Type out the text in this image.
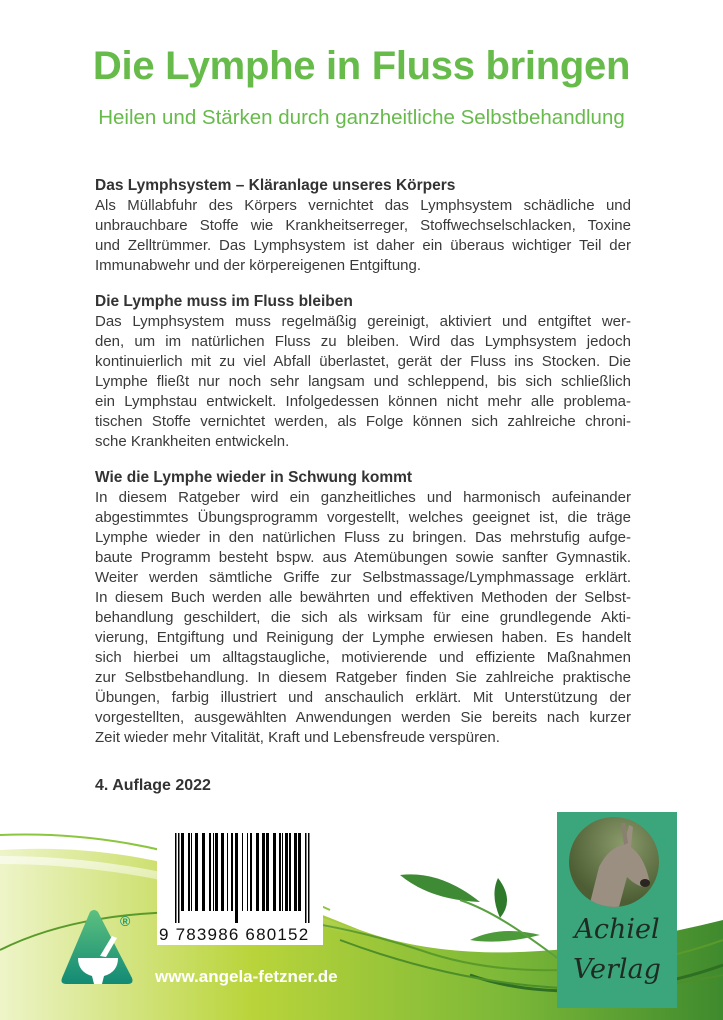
Die Lymphe in Fluss bringen
Heilen und Stärken durch ganzheitliche Selbstbehandlung
Das Lymphsystem – Kläranlage unseres Körpers
Als Müllabfuhr des Körpers vernichtet das Lymphsystem schädliche und
unbrauchbare Stoffe wie Krankheitserreger, Stoffwechselschlacken, Toxine
und Zelltrümmer. Das Lymphsystem ist daher ein überaus wichtiger Teil der
Immunabwehr und der körpereigenen Entgiftung.
Die Lymphe muss im Fluss bleiben
Das Lymphsystem muss regelmäßig gereinigt, aktiviert und entgiftet wer-
den, um im natürlichen Fluss zu bleiben. Wird das Lymphsystem jedoch
kontinuierlich mit zu viel Abfall überlastet, gerät der Fluss ins Stocken. Die
Lymphe fließt nur noch sehr langsam und schleppend, bis sich schließlich
ein Lymphstau entwickelt. Infolgedessen können nicht mehr alle problema-
tischen Stoffe vernichtet werden, als Folge können sich zahlreiche chroni-
sche Krankheiten entwickeln.
Wie die Lymphe wieder in Schwung kommt
In diesem Ratgeber wird ein ganzheitliches und harmonisch aufeinander
abgestimmtes Übungsprogramm vorgestellt, welches geeignet ist, die träge
Lymphe wieder in den natürlichen Fluss zu bringen. Das mehrstufig aufge-
baute Programm besteht bspw. aus Atemübungen sowie sanfter Gymnastik.
Weiter werden sämtliche Griffe zur Selbstmassage/Lymphmassage erklärt.
In diesem Buch werden alle bewährten und effektiven Methoden der Selbst-
behandlung geschildert, die sich als wirksam für eine grundlegende Akti-
vierung, Entgiftung und Reinigung der Lymphe erwiesen haben. Es handelt
sich hierbei um alltagstaugliche, motivierende und effiziente Maßnahmen
zur Selbstbehandlung. In diesem Ratgeber finden Sie zahlreiche praktische
Übungen, farbig illustriert und anschaulich erklärt. Mit Unterstützung der
vorgestellten, ausgewählten Anwendungen werden Sie bereits nach kurzer
Zeit wieder mehr Vitalität, Kraft und Lebensfreude verspüren.
4. Auflage 2022
9 783986 680152
®
www.angela-fetzner.de
Achiel
Verlag
